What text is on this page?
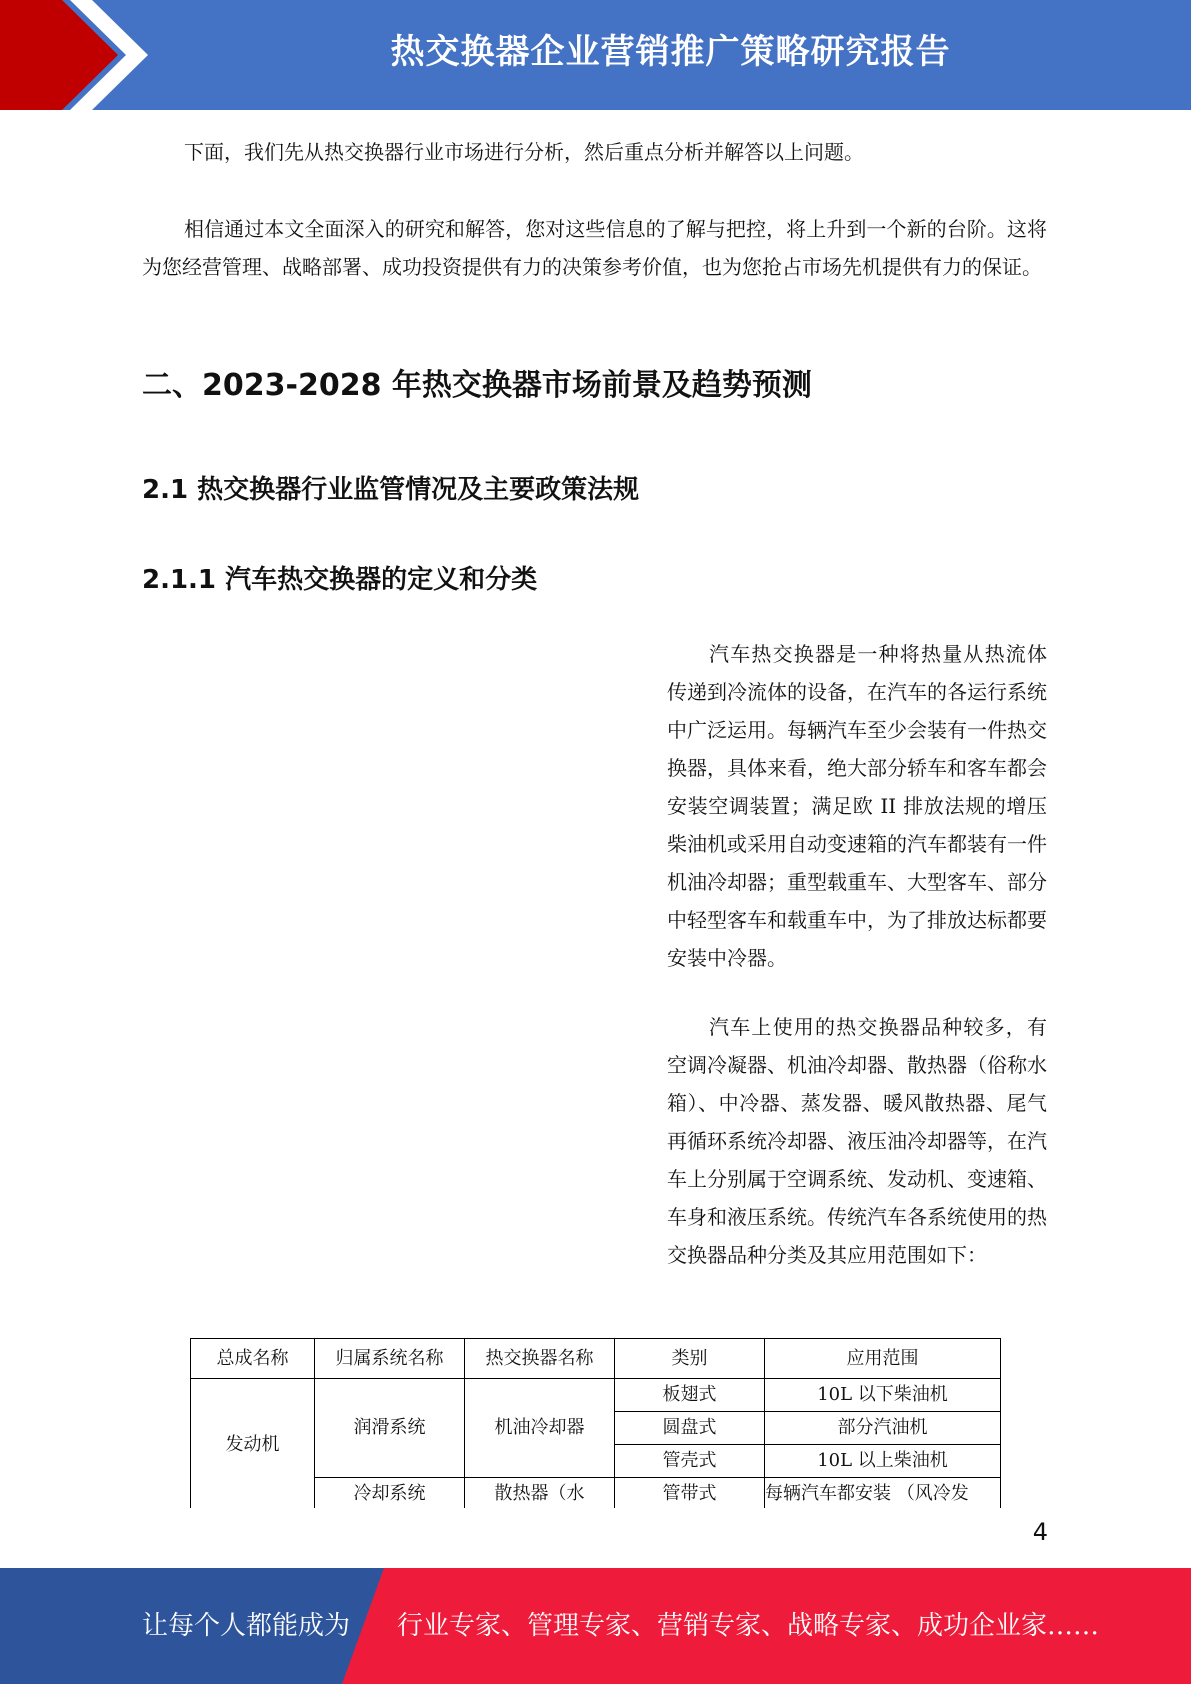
热交换器企业营销推广策略研究报告

下面，我们先从热交换器行业市场进行分析，然后重点分析并解答以上问题。

相信通过本文全面深入的研究和解答，您对这些信息的了解与把控，将上升到一个新的台阶。这将为您经营管理、战略部署、成功投资提供有力的决策参考价值，也为您抢占市场先机提供有力的保证。

二、2023-2028 年热交换器市场前景及趋势预测
2.1 热交换器行业监管情况及主要政策法规
2.1.1 汽车热交换器的定义和分类

汽车热交换器是一种将热量从热流体传递到冷流体的设备，在汽车的各运行系统中广泛运用。每辆汽车至少会装有一件热交换器，具体来看，绝大部分轿车和客车都会安装空调装置；满足欧 II 排放法规的增压柴油机或采用自动变速箱的汽车都装有一件机油冷却器；重型载重车、大型客车、部分中轻型客车和载重车中，为了排放达标都要安装中冷器。

汽车上使用的热交换器品种较多，有空调冷凝器、机油冷却器、散热器（俗称水箱）、中冷器、蒸发器、暖风散热器、尾气再循环系统冷却器、液压油冷却器等，在汽车上分别属于空调系统、发动机、变速箱、车身和液压系统。传统汽车各系统使用的热交换器品种分类及其应用范围如下：

总成名称	归属系统名称	热交换器名称	类别	应用范围
发动机	润滑系统	机油冷却器	板翅式	10L 以下柴油机
			圆盘式	部分汽油机
			管壳式	10L 以上柴油机
	冷却系统	散热器（水	管带式	每辆汽车都安装 （风冷发

4
让每个人都能成为 行业专家、管理专家、营销专家、战略专家、成功企业家……
